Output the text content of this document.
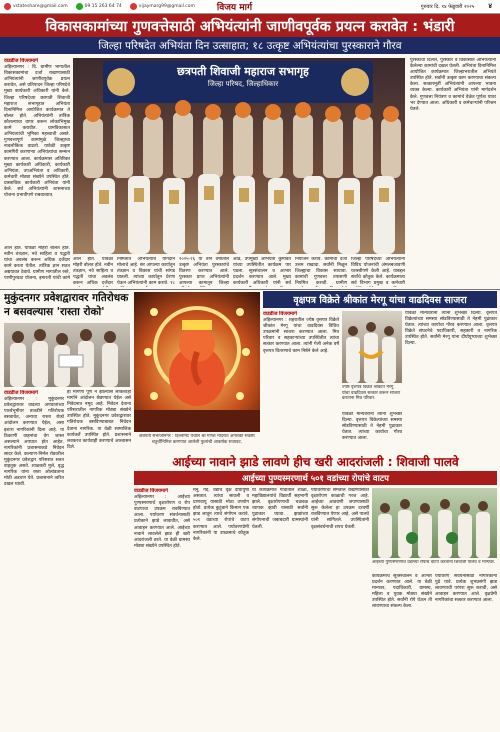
vstateshare@gmail.com	09 15 263 64 74	vijaymarg99@gmail.com विजय मार्ग	गुरुवार दि. १४ फेब्रुवारी २०२५ ४
विकासकामांच्या गुणवत्तेसाठी अभियंत्यांनी जाणीवपूर्वक प्रयत्न करावेत : भंडारी
जिल्हा परिषदेत अभियंता दिन उत्साहात; १८ उत्कृष्ट अभियंत्यांचा पुरस्काराने गौरव
वाडडीज विजयमार्ग
अहिल्यानगर : दि. ग्रामीण भागातील विकासकामांचा दर्जा राखण्यासाठी अभियंत्यांनी जाणीवपूर्वक प्रयत्न करावेत, असे प्रतिपादन जिल्हा परिषदेचे मुख्य कार्यकारी अधिकारी यांनी केले. जिल्हा परिषदेच्या छत्रपती शिवाजी महाराज सभागृहात अभियंता दिनानिमित्त आयोजित कार्यक्रमात ते बोलत होते. अभियंत्यांनी तांत्रिक कौशल्याचा वापर करून लोकाभिमुख कामे करावीत. ग्रामविकासात अभियंत्यांची भूमिका महत्त्वाची असते. गुणवत्तापूर्ण कामांमुळे जिल्ह्याचा नावलौकिक वाढतो. यावेळी उत्कृष्ट कामगिरी करणाऱ्या अभियंत्यांचा सन्मान करण्यात आला. कार्यक्रमास अतिरिक्त मुख्य कार्यकारी अधिकारी, कार्यकारी अभियंता, उपअभियंता व अधिकारी, कर्मचारी मोठ्या संख्येने उपस्थित होते. प्रास्ताविक कार्यकारी अभियंता यांनी केले. सर्व अभियंत्यांनी शासनाच्या योजना प्रभावीपणे राबवाव्यात.
छत्रपती शिवाजी महाराज सभागृह
जिल्हा परिषद, जिल्हाधिकार
पुरस्कार्थी दिलेले, पुरस्कार व विकासात अभियंत्यांनी केलेल्या कामांची दखल घेतली. अभियंता दिनानिमित्त आयोजित कार्यक्रमात जिल्हाभरातील अभियंते उपस्थित होते. सर्वांनी उत्कृष्ट काम करण्याचा संकल्प केला. सत्कारमूर्ती अभियंत्यांनी आपल्या भावना व्यक्त केल्या. कार्यकारी अभियंता यांनी मार्गदर्शन केले. गुणवत्ता नियंत्रण व कामांचे वेळेत पूर्णत्व यावर भर देण्यात आला. अधिकारी व कर्मचाऱ्यांनी परिश्रम घेतले.
आले होते. यावेळी मोहरी बोलत होते. नवीन तंत्रज्ञान, नवे साहित्य व पद्धती यांचा अवलंब करून अधिक दर्जेदार कामे करता येतील. तांत्रिक ज्ञान सतत अद्ययावत ठेवावे. ग्रामीण भागातील रस्ते, पाणीपुरवठा योजना, इमारती यांची कामे
आले होते. यावेळी मोहरी बोलत होते. नवीन तंत्रज्ञान, नवे साहित्य व पद्धती यांचा अवलंब करून अधिक दर्जेदार
निर्मितीत अभियंत्यांचे योगदान मोलाचे आहे. सर आपल्या कार्यातून तंत्रज्ञान व विकास यांची सांगड घातली. त्यांच्या कार्यातून प्रेरणा घेऊन अभियंत्यांनी काम करावे. १८
२०२५-२६ या तीन वर्षांतील उत्कृष्ट अभियंता पुरस्कारांचे वितरण करण्यात आले. पुरस्कार प्राप्त अभियंत्यांनी आपल्या कामातून जिल्हा
आढे, उपमुख्य अभियंता कुमावत यांच्या उपस्थितीत कार्यक्रम पार पडला. सूत्रसंचालन व आभार प्रदर्शन करण्यात आले. मुख्य कार्यकारी अधिकारी यांनी सर्व
नियोजन करावे. कामांचा दर्जा उत्तम राखावा. सर्वांनी मिळून जिल्ह्याचा विकास साधावा. कामांची गुणवत्ता तपासणी नियमित करावी. ग्रामीण
जिल्हा परिषदेच्या अभियंत्यांनी विविध योजनांची अंमलबजावणी यशस्वीपणे केली आहे. याबद्दल सर्वांचे कौतुक केले. कार्यक्रमाला सर्व विभाग प्रमुख व कर्मचारी
मुकुंदनगर प्रवेशद्वारावर गतिरोधक न बसवल्यास 'रास्ता रोको'
वाडडीज विजयमार्ग
अहिल्यानगर : मुकुंदनगर प्रवेशद्वारावर वाढत्या अपघातांच्या पार्श्वभूमीवर तातडीने गतिरोधक बसवावेत, अन्यथा रास्ता रोको आंदोलन करण्यात येईल, असा इशारा नागरिकांनी दिला आहे. या ठिकाणी वाहनांचा वेग जास्त असल्याने अपघात होत आहेत. नागरिकांनी प्रशासनाकडे निवेदन सादर केले. कल्याण-निर्मल रोडवरील मुकुंदनगर प्रवेशद्वार परिसरात सतत वाहतूक असते. शाळकरी मुले, वृद्ध नागरिक यांना रस्ता ओलांडताना मोठी अडचण येते. प्रशासनाने त्वरित दखल घ्यावी.
ही मागणी पूर्ण न झाल्यास लोकशाही मार्गाने आंदोलन छेडण्यात येईल असे निवेदनात नमूद आहे. निवेदन देताना परिसरातील नागरिक मोठ्या संख्येने उपस्थित होते. मुकुंदनगर प्रवेशद्वारावर गतिरोधक बसविण्याबाबत निवेदन देताना नागरिक. या वेळी सामाजिक कार्यकर्ते उपस्थित होते. प्रशासनाने लवकरच कार्यवाही करण्याचे आश्वासन दिले.
छत्रपती संभाजीनगर : दिल्लीगेट येथील श्री गणेश मंदिरात अंगारकी संकष्टी चतुर्थीनिमित्त करण्यात आलेली फुलांची आकर्षक सजावट.
वृक्षपत्र विक्रेते श्रीकांत मेरगू यांचा वाढदिवस साजरा
वाडडीज विजयमार्ग
अहिल्यानगर : शहरातील ज्येष्ठ वृत्तपत्र विक्रेते श्रीकांत मेरगू यांचा वाढदिवस विविध उपक्रमांनी साजरा करण्यात आला. मित्र परिवार व सहकाऱ्यांच्या उपस्थितीत त्यांचा सत्कार करण्यात आला. त्यांनी गेली अनेक वर्षे वृत्तपत्र वितरणाचे काम निष्ठेने केले आहे.
ज्येष्ठ वृत्तपत्र विक्रेते श्रीकांत मेरगू यांचा वाढदिवस सत्कार करून साजरा करताना मित्र परिवार.
यावेळी मान्यवरांनी त्यांना शुभेच्छा दिल्या. वृत्तपत्र विक्रेत्यांच्या समस्या सोडविण्यासाठी ते नेहमी पुढाकार घेतात. त्यांच्या कार्याचा गौरव करण्यात आला.
यावेळी मान्यवरांनी त्यांना शुभेच्छा दिल्या. वृत्तपत्र विक्रेत्यांच्या समस्या सोडविण्यासाठी ते नेहमी पुढाकार घेतात. त्यांच्या कार्याचा गौरव करण्यात आला. वृत्तपत्र विक्रेते संघटनेचे पदाधिकारी, सहकारी व नागरिक उपस्थित होते. सर्वांनी मेरगू यांना दीर्घायुष्याच्या शुभेच्छा दिल्या.
आईच्या नावाने झाडे लावणे हीच खरी आदरांजली : शिवाजी पालवे
आईच्या पुण्यस्मरणार्थ ५०१ वडांच्या रोपांचे वाटप
वाडडीज विजयमार्ग
अहिल्यानगर : आईच्या पुण्यस्मरणार्थ वृक्षारोपण व रोप वाटपाचा उपक्रम राबविण्यात आला. पर्यावरण संवर्धनासाठी प्रत्येकाने झाडे लावावीत, असे आवाहन करण्यात आले. आईच्या नावाने लावलेले झाड ही खरी आदरांजली ठरते. या वेळी ग्रामस्थ मोठ्या संख्येने उपस्थित होते.
मनु, गर्दे, वडाचे वृक्ष दीर्घायुषी असतात. त्यांचा सावली व प्राणवायू यासाठी मोठा उपयोग होतो. प्रत्येक कुटुंबाने किमान एक झाड लावून त्याचे संगोपन करावे. ५०१ वडाच्या रोपांचे वाटप करण्यात आले. पर्यावरणप्रेमी नागरिकांनी या उपक्रमाचे कौतुक केले.
या कार्यक्रमात गावातील शाळा, महाविद्यालयांचे विद्यार्थी सहभागी झाले. वृक्षारोपणाची चळवळ व्यापक व्हावी यासाठी सर्वांनी पुढाकार घ्यावा. झाडांच्या संगोपनाची जबाबदारी ग्रामस्थांनी घेतली.
पर्यावरणाचा समतोल राखण्यासाठी वृक्षारोपण काळाची गरज आहे. आईच्या आठवणी जपण्यासाठी सुरू केलेला हा उपक्रम दरवर्षी राबविण्यात येणार आहे, असे पालवे यांनी सांगितले. उपस्थितांनी वृक्षसंवर्धनाची शपथ घेतली.
आईच्या पुण्यस्मरणार्थ वडाच्या रोपांचे वाटप करताना शिवाजी पालवे व मान्यवर.
कार्यक्रमाचे सूत्रसंचालन व आभार प्रदर्शन करण्यात आले. या वेळी मान्यवर, पदाधिकारी, ग्रामस्थ, महिला व युवक मोठ्या संख्येने उपस्थित होते. सर्वांनी रोपे घेऊन ती लावण्याचा संकल्प केला.
पर्यावरण संवर्धनासाठी नागरिकांनी पुढे यावे. प्रत्येक शुभप्रसंगी झाड लावण्याची परंपरा सुरू करावी, असे आवाहन करण्यात आले. वृक्षप्रेमी नागरिकांचा सत्कार करण्यात आला.
